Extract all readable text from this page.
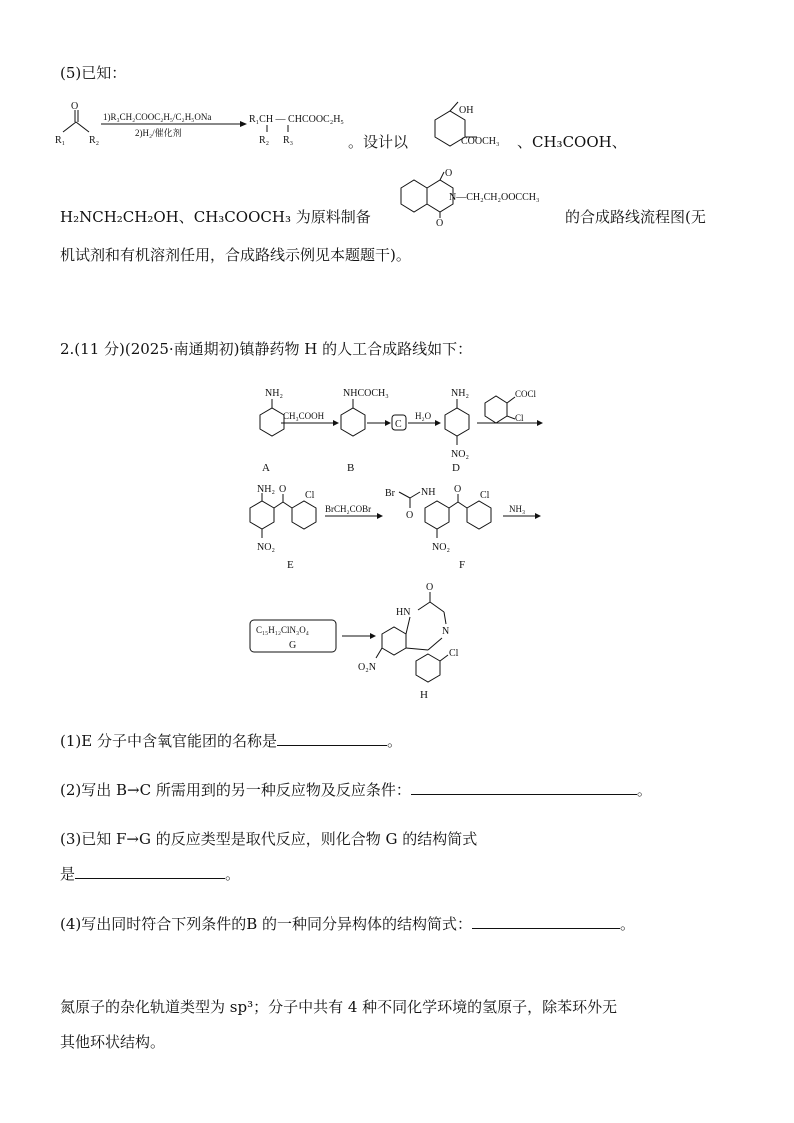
(5)已知：
O
R₁ R₂
1)R₃CH₂COOC₂H₅/C₂H₅ONa
2)H₂/催化剂
R₁CH — CHCOOC₂H₅
R₂ R₃	。设计以
OH
COOCH₃ 、CH₃COOH、
H₂NCH₂CH₂OH、CH₃COOCH₃ 为原料制备
O
O
N—CH₂CH₂OOCCH₃
的合成路线流程图(无
机试剂和有机溶剂任用，合成路线示例见本题题干)。
2.(11 分)(2025·南通期初)镇静药物 H 的人工合成路线如下：
NH₂
A
CH₃COOH
NHCOCH₃
B
C
H₂O
NH₂
NO₂
D
COCl
Cl
NH₂ O
Cl
NO₂
E
BrCH₂COBr
Br
O
NH O
Cl
NO₂
F
NH₃
C₁₅H₁₂ClN₃O₄
G
HN
O
N
O₂N
Cl
H
(1)E 分子中含氧官能团的名称是	。
(2)写出 B→C 所需用到的另一种反应物及反应条件：	。
(3)已知 F→G 的反应类型是取代反应，则化合物 G 的结构简式
是	。
(4)写出同时符合下列条件的B 的一种同分异构体的结构简式：	。
氮原子的杂化轨道类型为 sp³；分子中共有 4 种不同化学环境的氢原子，除苯环外无
其他环状结构。
